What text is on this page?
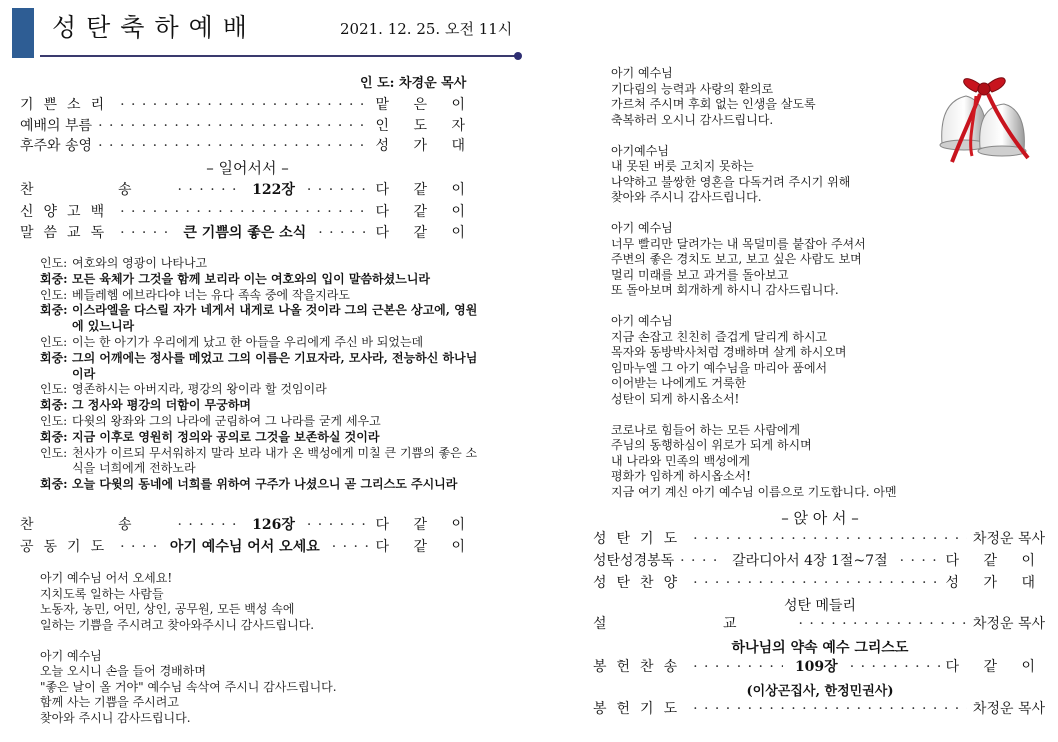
성탄축하예배	2021. 12. 25. 오전 11시
인 도: 차경운 목사
기쁜소리 · · ·	맡 은 이
예배의 부름 · · ·	인 도 자
후주와 송영 · · ·	성 가 대
– 일어서서 –
찬 송 · · ·	122장 · · ·	다 같 이
신양고백 · · ·	다 같 이
말씀교독 · · ·	큰 기쁨의 좋은 소식 · · ·	다 같 이
인도: 여호와의 영광이 나타나고
회중: 모든 육체가 그것을 함께 보리라 이는 여호와의 입이 말씀하셨느니라
인도: 베들레헴 에브라다야 너는 유다 족속 중에 작을지라도
회중: 이스라엘을 다스릴 자가 네게서 내게로 나올 것이라 그의 근본은 상고에, 영원에 있느니라
인도: 이는 한 아기가 우리에게 났고 한 아들을 우리에게 주신 바 되었는데
회중: 그의 어깨에는 정사를 메었고 그의 이름은 기묘자라, 모사라, 전능하신 하나님이라
인도: 영존하시는 아버지라, 평강의 왕이라 할 것임이라
회중: 그 정사와 평강의 더함이 무궁하며
인도: 다윗의 왕좌와 그의 나라에 군림하여 그 나라를 굳게 세우고
회중: 지금 이후로 영원히 정의와 공의로 그것을 보존하실 것이라
인도: 천사가 이르되 무서워하지 말라 보라 내가 온 백성에게 미칠 큰 기쁨의 좋은 소식을 너희에게 전하노라
회중: 오늘 다윗의 동네에 너희를 위하여 구주가 나셨으니 곧 그리스도 주시니라
찬 송 · · ·	126장 · · ·	다 같 이
공동기도 · · ·	아기 예수님 어서 오세요 · · ·	다 같 이
아기 예수님 어서 오세요!
지치도록 일하는 사람들
노동자, 농민, 어민, 상인, 공무원, 모든 백성 속에
일하는 기쁨을 주시려고 찾아와주시니 감사드립니다.
아기 예수님
오늘 오시니 손을 들어 경배하며
"좋은 날이 올 거야" 예수님 속삭여 주시니 감사드립니다.
함께 사는 기쁨을 주시려고
찾아와 주시니 감사드립니다.
아기 예수님
기다림의 능력과 사랑의 환의로
가르쳐 주시며 후회 없는 인생을 살도록
축복하러 오시니 감사드립니다.
아기예수님
내 못된 버릇 고치지 못하는
나약하고 불쌍한 영혼을 다독거려 주시기 위해
찾아와 주시니 감사드립니다.
아기 예수님
너무 빨리만 달려가는 내 목덜미를 붙잡아 주셔서
주변의 좋은 경치도 보고, 보고 싶은 사람도 보며
멀리 미래를 보고 과거를 돌아보고
또 돌아보며 회개하게 하시니 감사드립니다.
아기 예수님
지금 손잡고 친친히 즐겁게 달리게 하시고
목자와 동방박사처럼 경배하며 살게 하시오며
임마누엘 그 아기 예수님을 마리아 품에서
이어받는 나에게도 거룩한
성탄이 되게 하시옵소서!
코로나로 힘들어 하는 모든 사람에게
주님의 동행하심이 위로가 되게 하시며
내 나라와 민족의 백성에게
평화가 임하게 하시옵소서!
지금 여기 계신 아기 예수님 이름으로 기도합니다. 아멘
– 앉 아 서 –
성탄기도 · · ·	차정운 목사
성탄성경봉독 · · ·	갈라디아서 4장 1절~7절 · · ·	다 같 이
성탄찬양 · · ·	성 가 대
성탄 메들리
설 교 · · ·	차정운 목사
하나님의 약속 예수 그리스도
봉헌찬송 · · ·	109장 · · ·	다 같 이
(이상곤집사, 한정민권사)
봉헌기도 · · ·	차정운 목사
